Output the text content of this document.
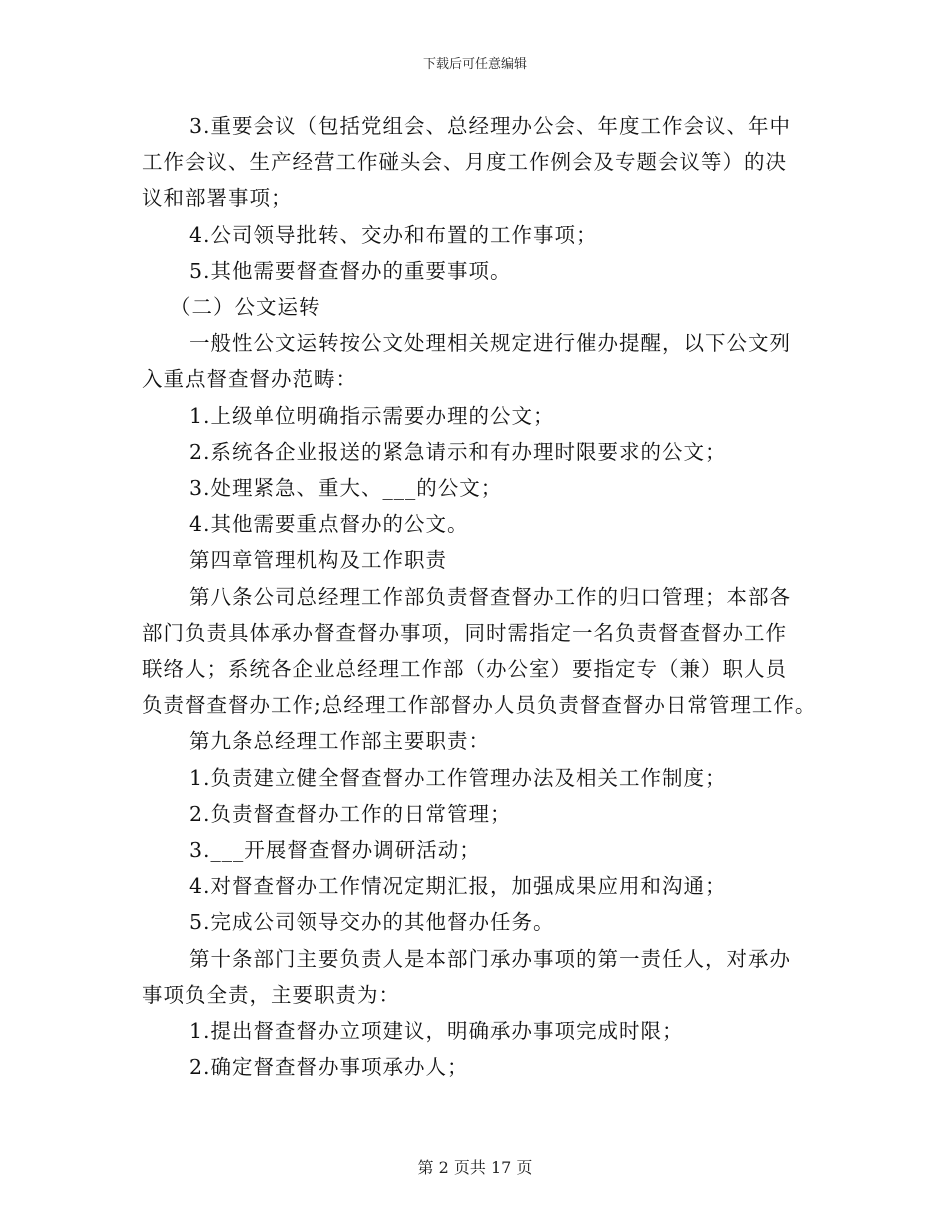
下载后可任意编辑

3.重要会议（包括党组会、总经理办公会、年度工作会议、年中

工作会议、生产经营工作碰头会、月度工作例会及专题会议等）的决

议和部署事项；

4.公司领导批转、交办和布置的工作事项；

5.其他需要督查督办的重要事项。

（二）公文运转

一般性公文运转按公文处理相关规定进行催办提醒，以下公文列

入重点督查督办范畴：

1.上级单位明确指示需要办理的公文；

2.系统各企业报送的紧急请示和有办理时限要求的公文；

3.处理紧急、重大、___的公文；

4.其他需要重点督办的公文。

第四章管理机构及工作职责

第八条公司总经理工作部负责督查督办工作的归口管理；本部各

部门负责具体承办督查督办事项，同时需指定一名负责督查督办工作

联络人；系统各企业总经理工作部（办公室）要指定专（兼）职人员

负责督查督办工作;总经理工作部督办人员负责督查督办日常管理工作。

第九条总经理工作部主要职责：

1.负责建立健全督查督办工作管理办法及相关工作制度；

2.负责督查督办工作的日常管理；

3.___开展督查督办调研活动；

4.对督查督办工作情况定期汇报，加强成果应用和沟通；

5.完成公司领导交办的其他督办任务。

第十条部门主要负责人是本部门承办事项的第一责任人，对承办

事项负全责，主要职责为：

1.提出督查督办立项建议，明确承办事项完成时限；

2.确定督查督办事项承办人；

第 2 页共 17 页
